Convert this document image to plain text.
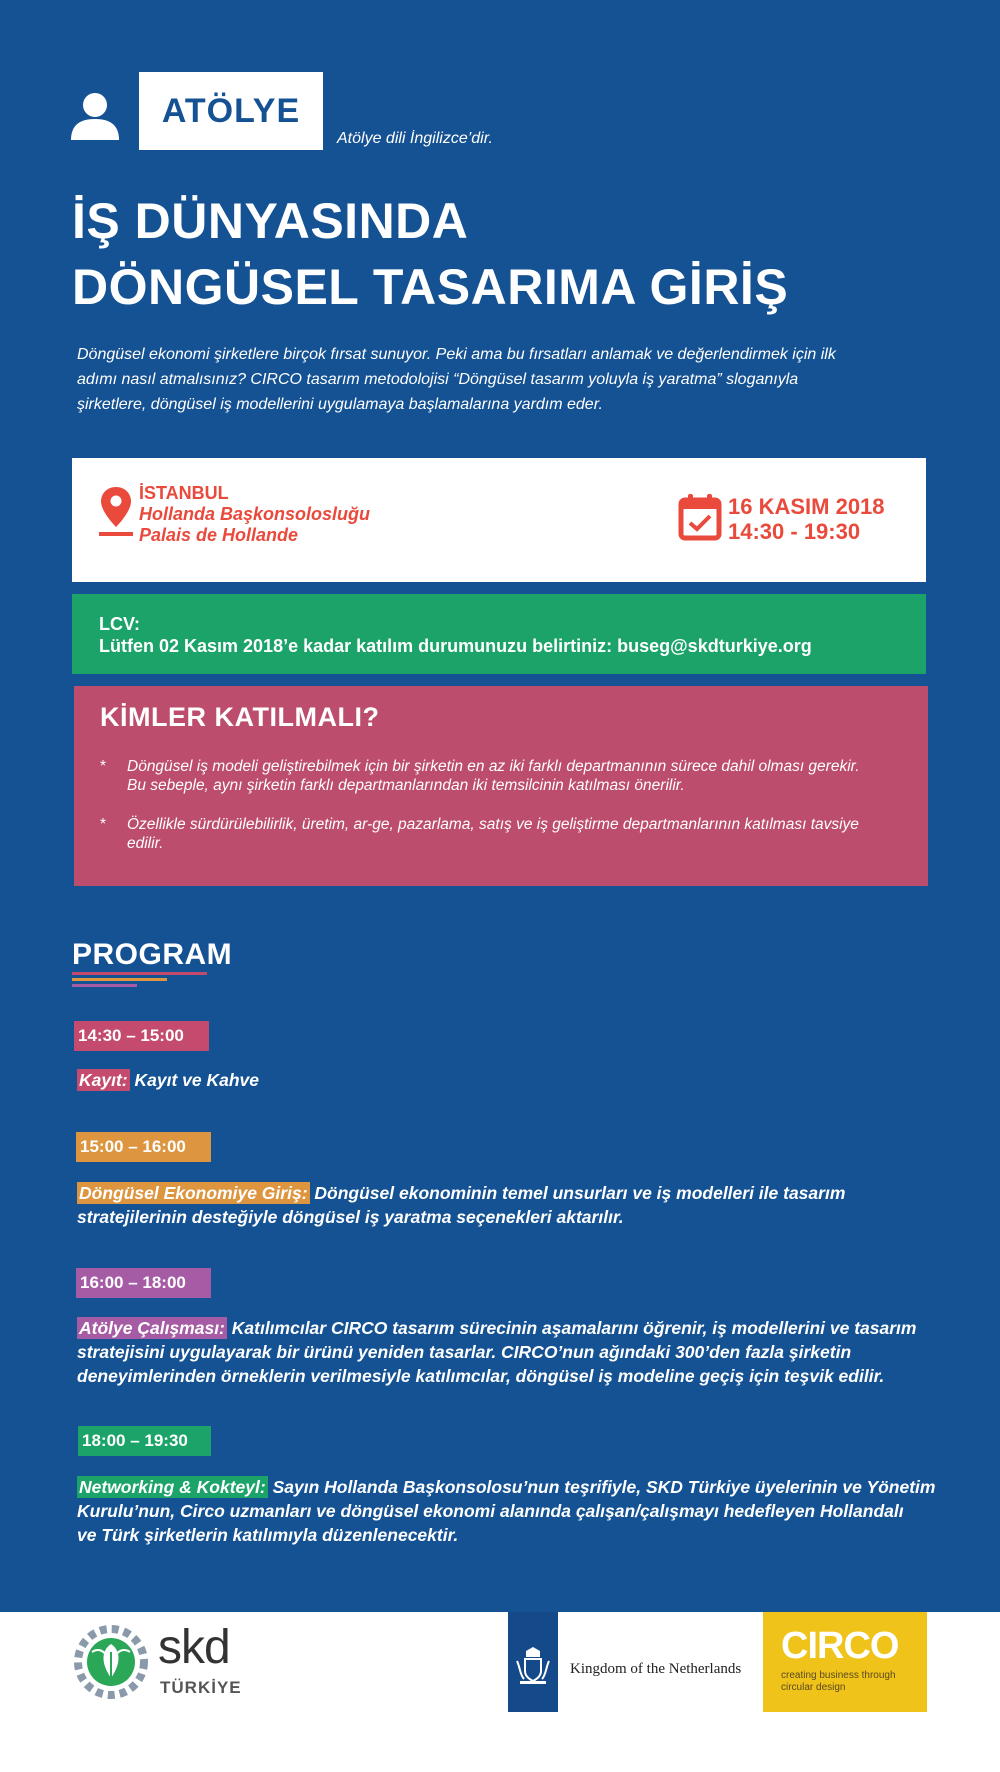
ATÖLYE
Atölye dili İngilizce’dir.
İŞ DÜNYASINDA
DÖNGÜSEL TASARIMA GİRİŞ
Döngüsel ekonomi şirketlere birçok fırsat sunuyor. Peki ama bu fırsatları anlamak ve değerlendirmek için ilk
adımı nasıl atmalısınız? CIRCO tasarım metodolojisi “Döngüsel tasarım yoluyla iş yaratma” sloganıyla
şirketlere, döngüsel iş modellerini uygulamaya başlamalarına yardım eder.
İSTANBUL
Hollanda Başkonsolosluğu
Palais de Hollande
16 KASIM 2018
14:30 - 19:30
LCV:
Lütfen 02 Kasım 2018’e kadar katılım durumunuzu belirtiniz: buseg@skdturkiye.org
KİMLER KATILMALI?
*	Döngüsel iş modeli geliştirebilmek için bir şirketin en az iki farklı departmanının sürece dahil olması gerekir.
Bu sebeple, aynı şirketin farklı departmanlarından iki temsilcinin katılması önerilir.
*	Özellikle sürdürülebilirlik, üretim, ar-ge, pazarlama, satış ve iş geliştirme departmanlarının katılması tavsiye
edilir.
PROGRAM
14:30 – 15:00
Kayıt: Kayıt ve Kahve
15:00 – 16:00
Döngüsel Ekonomiye Giriş: Döngüsel ekonominin temel unsurları ve iş modelleri ile tasarım
stratejilerinin desteğiyle döngüsel iş yaratma seçenekleri aktarılır.
16:00 – 18:00
Atölye Çalışması: Katılımcılar CIRCO tasarım sürecinin aşamalarını öğrenir, iş modellerini ve tasarım
stratejisini uygulayarak bir ürünü yeniden tasarlar. CIRCO’nun ağındaki 300’den fazla şirketin
deneyimlerinden örneklerin verilmesiyle katılımcılar, döngüsel iş modeline geçiş için teşvik edilir.
18:00 – 19:30
Networking & Kokteyl: Sayın Hollanda Başkonsolosu’nun teşrifiyle, SKD Türkiye üyelerinin ve Yönetim
Kurulu’nun, Circo uzmanları ve döngüsel ekonomi alanında çalışan/çalışmayı hedefleyen Hollandalı
ve Türk şirketlerin katılımıyla düzenlenecektir.
skd
TÜRKİYE
Kingdom of the Netherlands
CIRCO
creating business through
circular design
